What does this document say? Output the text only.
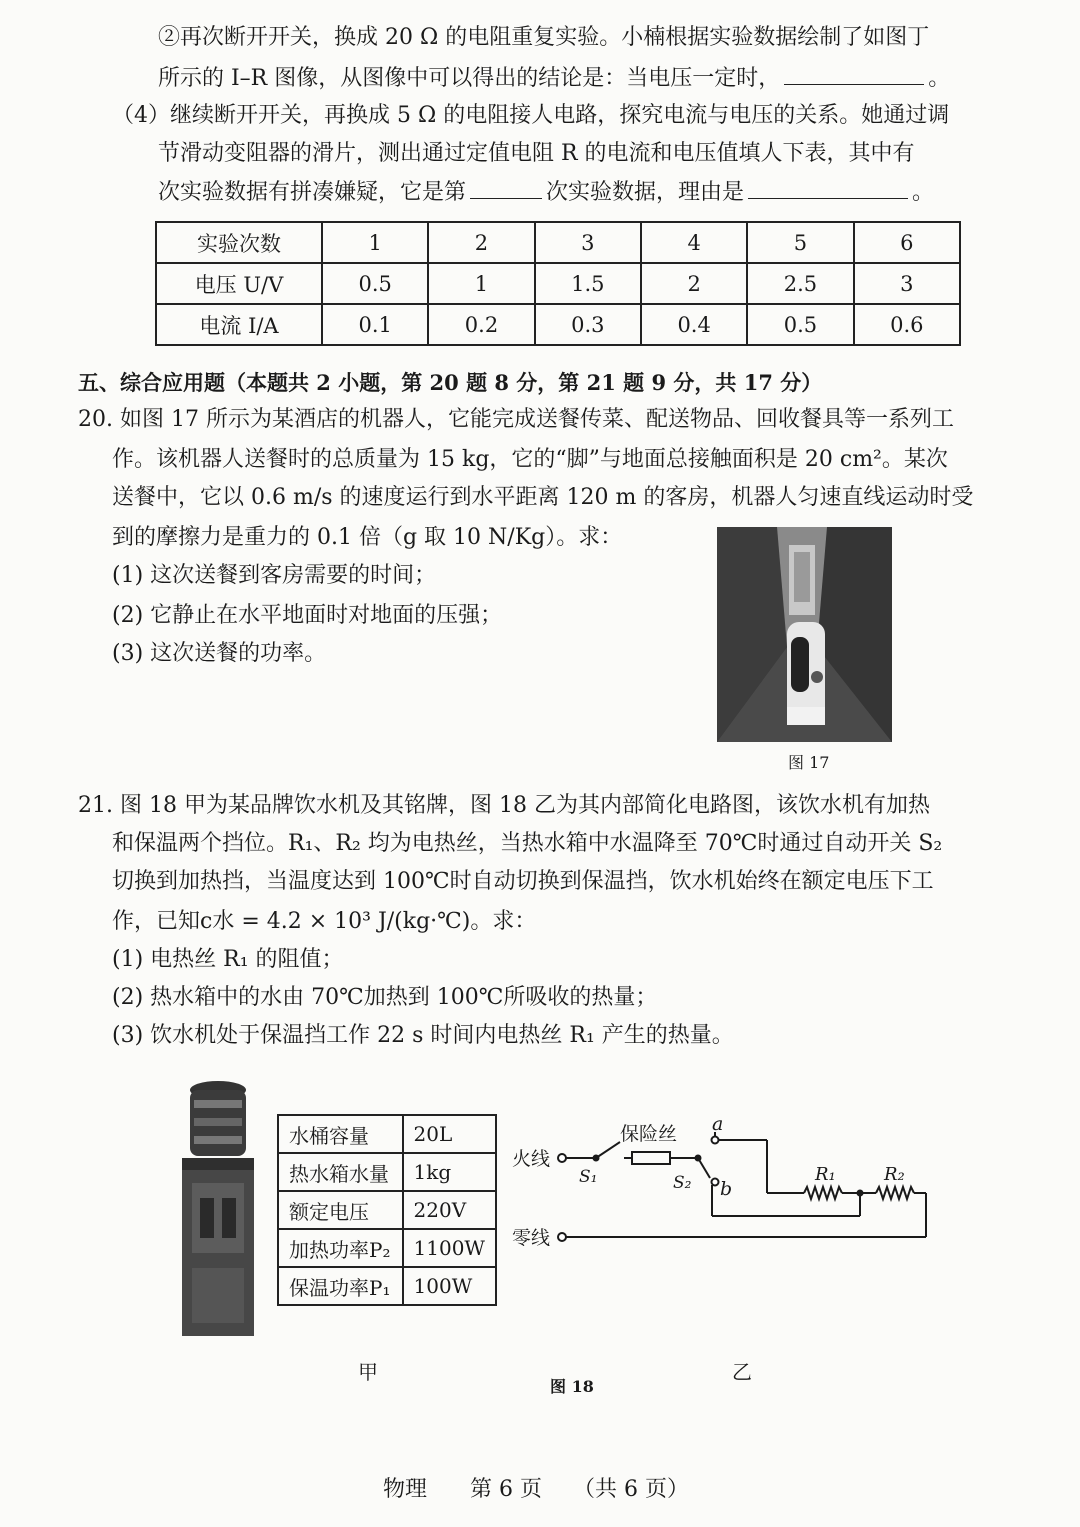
②再次断开开关，换成 20 Ω 的电阻重复实验。小楠根据实验数据绘制了如图丁
所示的 I–R 图像，从图像中可以得出的结论是：当电压一定时，	。
（4）继续断开开关，再换成 5 Ω 的电阻接人电路，探究电流与电压的关系。她通过调
节滑动变阻器的滑片，测出通过定值电阻 R 的电流和电压值填人下表，其中有
次实验数据有拼凑嫌疑，它是第	次实验数据，理由是	。
实验次数	1	2	3	4	5	6
电压 U/V	0.5	1	1.5	2	2.5	3
电流 I/A	0.1	0.2	0.3	0.4	0.5	0.6
五、综合应用题（本题共 2 小题，第 20 题 8 分，第 21 题 9 分，共 17 分）
20. 如图 17 所示为某酒店的机器人，它能完成送餐传菜、配送物品、回收餐具等一系列工
作。该机器人送餐时的总质量为 15 kg，它的“脚”与地面总接触面积是 20 cm²。某次
送餐中，它以 0.6 m/s 的速度运行到水平距离 120 m 的客房，机器人匀速直线运动时受
到的摩擦力是重力的 0.1 倍（g 取 10 N/Kg）。求：
(1) 这次送餐到客房需要的时间；
(2) 它静止在水平地面时对地面的压强；
(3) 这次送餐的功率。
图 17
21. 图 18 甲为某品牌饮水机及其铭牌，图 18 乙为其内部简化电路图，该饮水机有加热
和保温两个挡位。R₁、R₂ 均为电热丝，当热水箱中水温降至 70℃时通过自动开关 S₂
切换到加热挡，当温度达到 100℃时自动切换到保温挡，饮水机始终在额定电压下工
作，已知c水 = 4.2 × 10³ J/(kg·℃)。求：
(1) 电热丝 R₁ 的阻值；
(2) 热水箱中的水由 70℃加热到 100℃所吸收的热量；
(3) 饮水机处于保温挡工作 22 s 时间内电热丝 R₁ 产生的热量。
水桶容量	20L
热水箱水量	1kg
额定电压	220V
加热功率P₂	1100W
保温功率P₁	100W
火线
零线
保险丝
S₁	S₂
a
b
R₁	R₂
甲	乙
图 18
物理 第 6 页 （共 6 页）
